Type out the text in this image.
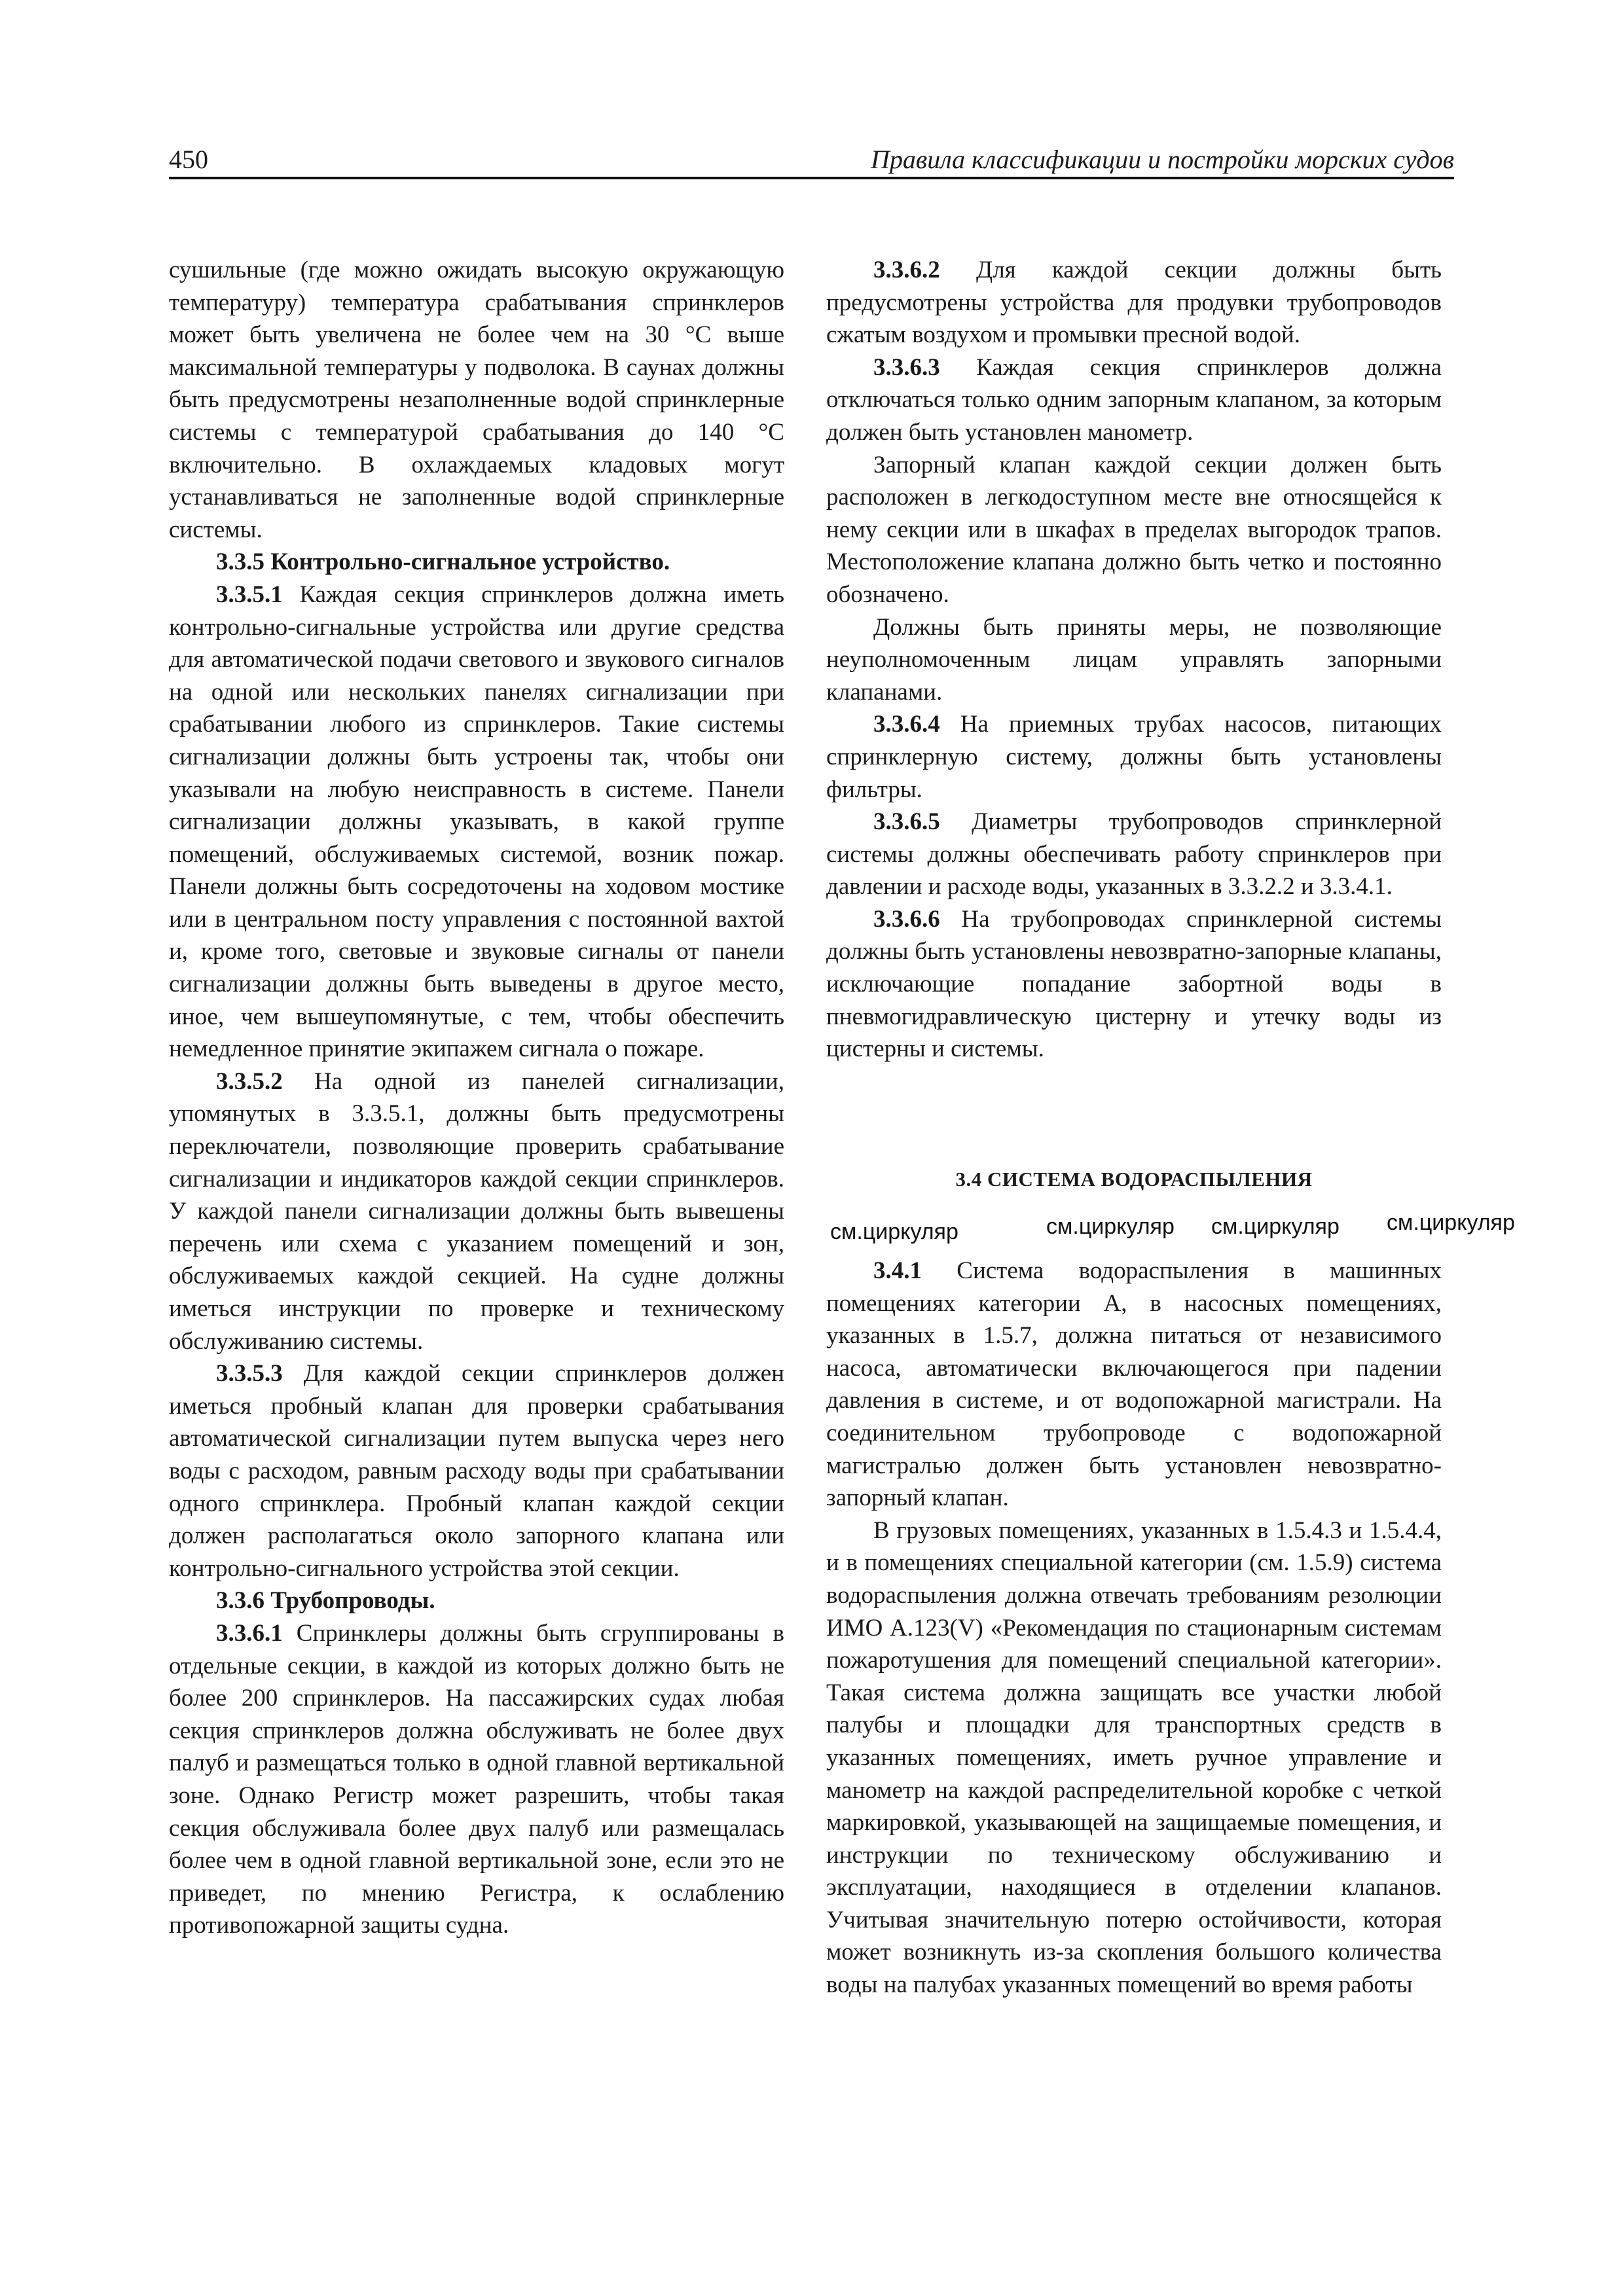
450	Правила классификации и постройки морских судов

сушильные (где можно ожидать высокую окружающую температуру) температура срабатывания спринклеров может быть увеличена не более чем на 30 °С выше максимальной температуры у подволока. В саунах должны быть предусмотрены незаполненные водой спринклерные системы с температурой срабатывания до 140 °С включительно. В охлаждаемых кладовых могут устанавливаться не заполненные водой спринклерные системы.

3.3.5 Контрольно-сигнальное устройство.

3.3.5.1 Каждая секция спринклеров должна иметь контрольно-сигнальные устройства или другие средства для автоматической подачи светового и звукового сигналов на одной или нескольких панелях сигнализации при срабатывании любого из спринклеров. Такие системы сигнализации должны быть устроены так, чтобы они указывали на любую неисправность в системе. Панели сигнализации должны указывать, в какой группе помещений, обслуживаемых системой, возник пожар. Панели должны быть сосредоточены на ходовом мостике или в центральном посту управления с постоянной вахтой и, кроме того, световые и звуковые сигналы от панели сигнализации должны быть выведены в другое место, иное, чем вышеупомянутые, с тем, чтобы обеспечить немедленное принятие экипажем сигнала о пожаре.

3.3.5.2 На одной из панелей сигнализации, упомянутых в 3.3.5.1, должны быть предусмотрены переключатели, позволяющие проверить срабатывание сигнализации и индикаторов каждой секции спринклеров. У каждой панели сигнализации должны быть вывешены перечень или схема с указанием помещений и зон, обслуживаемых каждой секцией. На судне должны иметься инструкции по проверке и техническому обслуживанию системы.

3.3.5.3 Для каждой секции спринклеров должен иметься пробный клапан для проверки срабатывания автоматической сигнализации путем выпуска через него воды с расходом, равным расходу воды при срабатывании одного спринклера. Пробный клапан каждой секции должен располагаться около запорного клапана или контрольно-сигнального устройства этой секции.

3.3.6 Трубопроводы.

3.3.6.1 Спринклеры должны быть сгруппированы в отдельные секции, в каждой из которых должно быть не более 200 спринклеров. На пассажирских судах любая секция спринклеров должна обслуживать не более двух палуб и размещаться только в одной главной вертикальной зоне. Однако Регистр может разрешить, чтобы такая секция обслуживала более двух палуб или размещалась более чем в одной главной вертикальной зоне, если это не приведет, по мнению Регистра, к ослаблению противопожарной защиты судна.

3.3.6.2 Для каждой секции должны быть предусмотрены устройства для продувки трубопроводов сжатым воздухом и промывки пресной водой.

3.3.6.3 Каждая секция спринклеров должна отключаться только одним запорным клапаном, за которым должен быть установлен манометр.

Запорный клапан каждой секции должен быть расположен в легкодоступном месте вне относящейся к нему секции или в шкафах в пределах выгородок трапов. Местоположение клапана должно быть четко и постоянно обозначено.

Должны быть приняты меры, не позволяющие неуполномоченным лицам управлять запорными клапанами.

3.3.6.4 На приемных трубах насосов, питающих спринклерную систему, должны быть установлены фильтры.

3.3.6.5 Диаметры трубопроводов спринклерной системы должны обеспечивать работу спринклеров при давлении и расходе воды, указанных в 3.3.2.2 и 3.3.4.1.

3.3.6.6 На трубопроводах спринклерной системы должны быть установлены невозвратно-запорные клапаны, исключающие попадание забортной воды в пневмогидравлическую цистерну и утечку воды из цистерны и системы.

3.4 СИСТЕМА ВОДОРАСПЫЛЕНИЯ
см.циркуляр	см.циркуляр см.циркуляр см.циркуляр

3.4.1 Система водораспыления в машинных помещениях категории А, в насосных помещениях, указанных в 1.5.7, должна питаться от независимого насоса, автоматически включающегося при падении давления в системе, и от водопожарной магистрали. На соединительном трубопроводе с водопожарной магистралью должен быть установлен невозвратно-запорный клапан.

В грузовых помещениях, указанных в 1.5.4.3 и 1.5.4.4, и в помещениях специальной категории (см. 1.5.9) система водораспыления должна отвечать требованиям резолюции ИМО А.123(V) «Рекомендация по стационарным системам пожаротушения для помещений специальной категории». Такая система должна защищать все участки любой палубы и площадки для транспортных средств в указанных помещениях, иметь ручное управление и манометр на каждой распределительной коробке с четкой маркировкой, указывающей на защищаемые помещения, и инструкции по техническому обслуживанию и эксплуатации, находящиеся в отделении клапанов. Учитывая значительную потерю остойчивости, которая может возникнуть из-за скопления большого количества воды на палубах указанных помещений во время работы
